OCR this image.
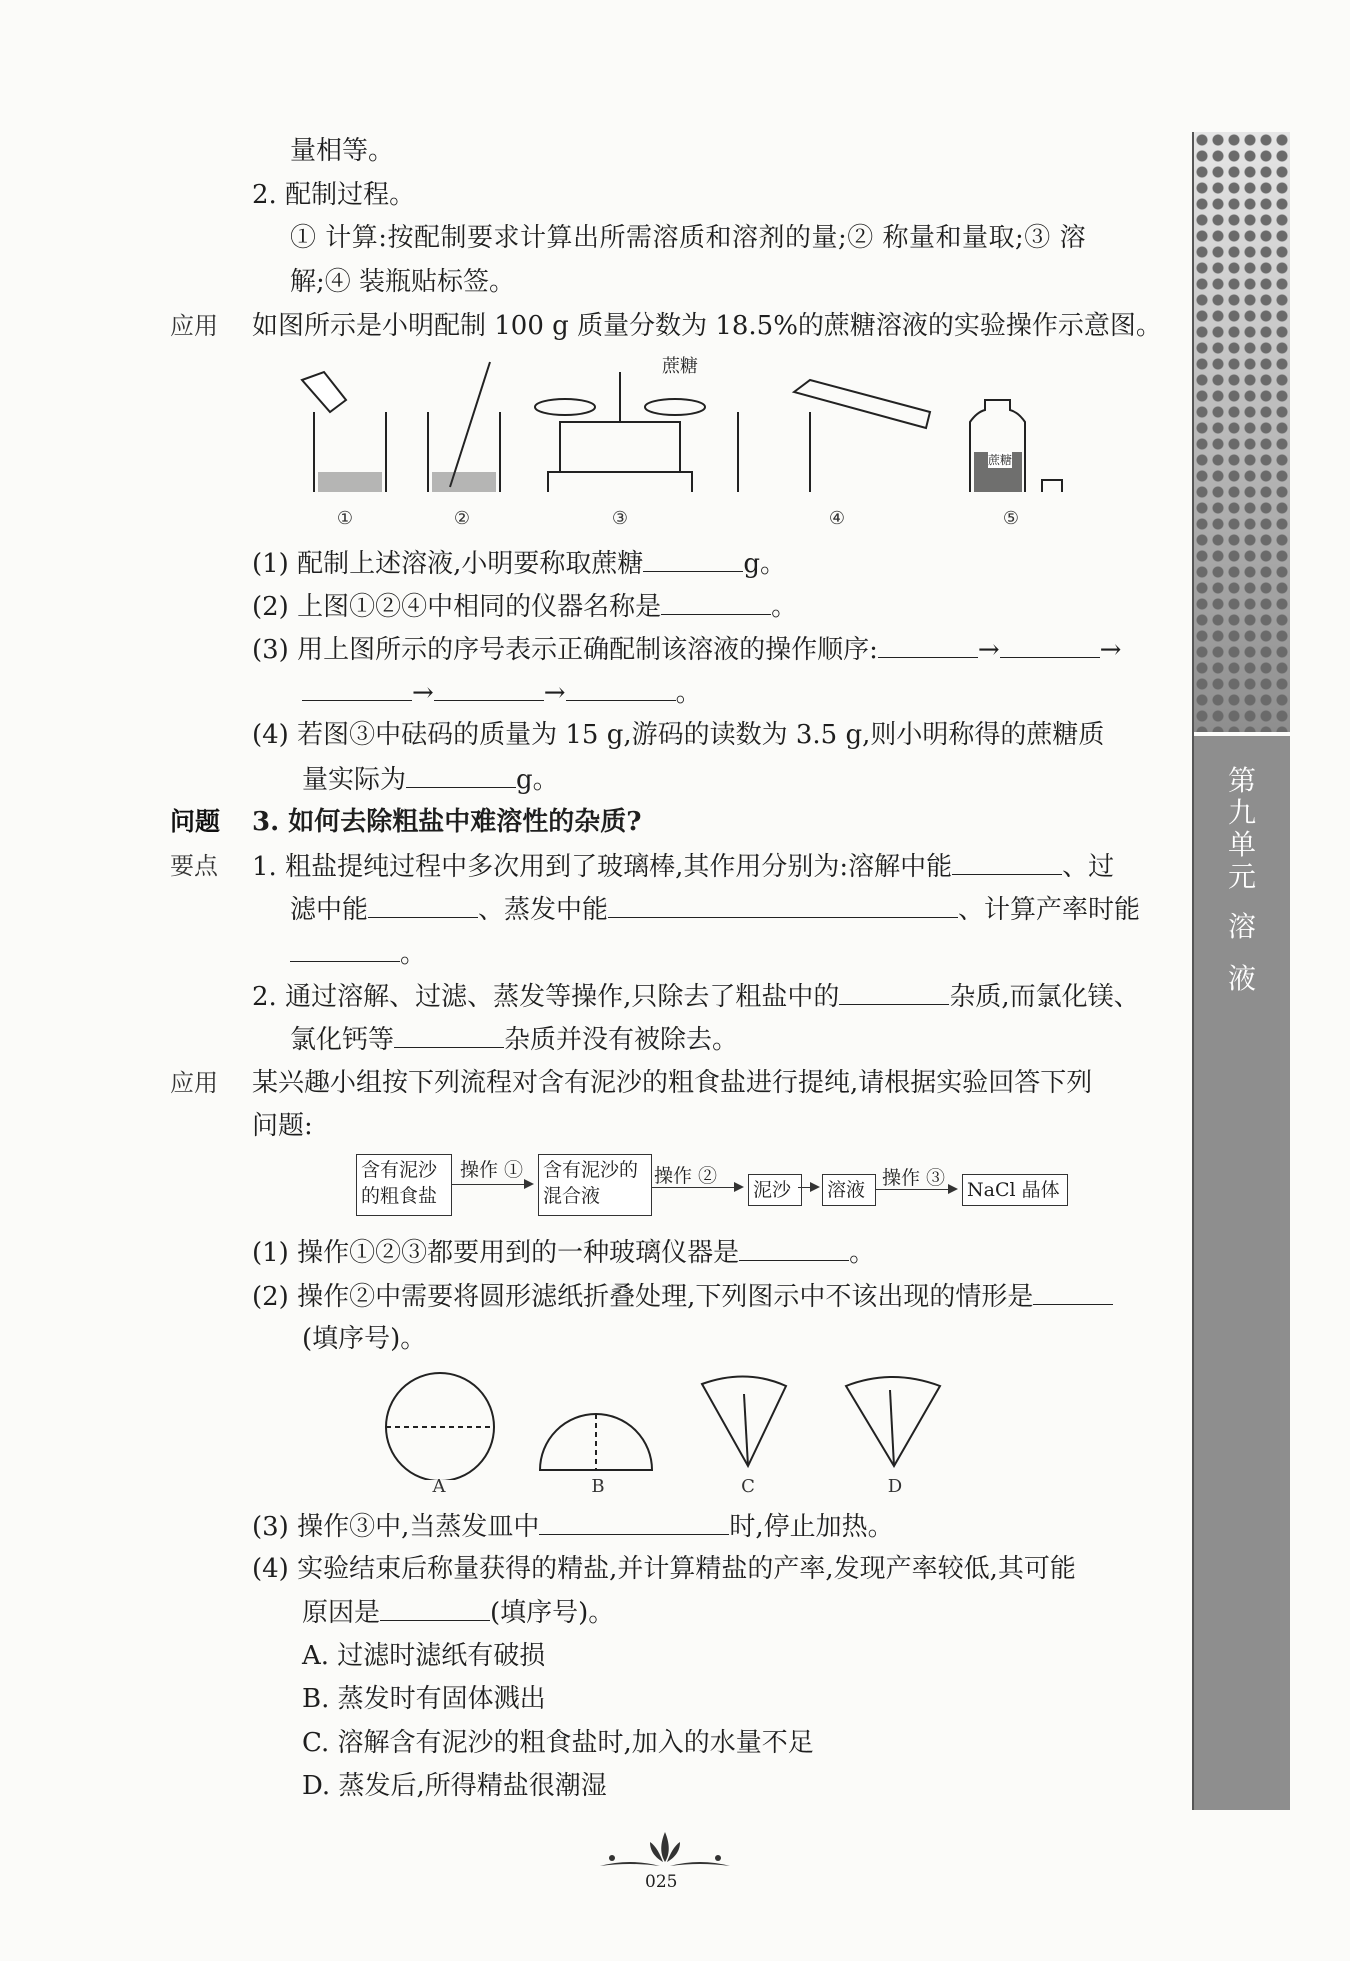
量相等。
2. 配制过程。
① 计算:按配制要求计算出所需溶质和溶剂的量;② 称量和量取;③ 溶
解;④ 装瓶贴标签。
应用 如图所示是小明配制 100 g 质量分数为 18.5%的蔗糖溶液的实验操作示意图。
蔗糖
蔗糖
①	②	③	④	⑤
(1) 配制上述溶液,小明要称取蔗糖	g。
(2) 上图①②④中相同的仪器名称是	。
(3) 用上图所示的序号表示正确配制该溶液的操作顺序:	→	→
→	→	。
(4) 若图③中砝码的质量为 15 g,游码的读数为 3.5 g,则小明称得的蔗糖质
量实际为	g。
问题 3. 如何去除粗盐中难溶性的杂质?
要点 1. 粗盐提纯过程中多次用到了玻璃棒,其作用分别为:溶解中能	、过
滤中能	、蒸发中能	、计算产率时能
。
2. 通过溶解、过滤、蒸发等操作,只除去了粗盐中的	杂质,而氯化镁、
氯化钙等	杂质并没有被除去。
应用 某兴趣小组按下列流程对含有泥沙的粗食盐进行提纯,请根据实验回答下列
问题:
含有泥沙
的粗食盐
操作 ① 含有泥沙的
混合液
操作 ②
泥沙	溶液
操作 ③
NaCl 晶体
(1) 操作①②③都要用到的一种玻璃仪器是	。
(2) 操作②中需要将圆形滤纸折叠处理,下列图示中不该出现的情形是
(填序号)。
A	B	C	D
(3) 操作③中,当蒸发皿中	时,停止加热。
(4) 实验结束后称量获得的精盐,并计算精盐的产率,发现产率较低,其可能
原因是	(填序号)。
A. 过滤时滤纸有破损
B. 蒸发时有固体溅出
C. 溶解含有泥沙的粗食盐时,加入的水量不足
D. 蒸发后,所得精盐很潮湿
025
第
九
单
元
溶
液
